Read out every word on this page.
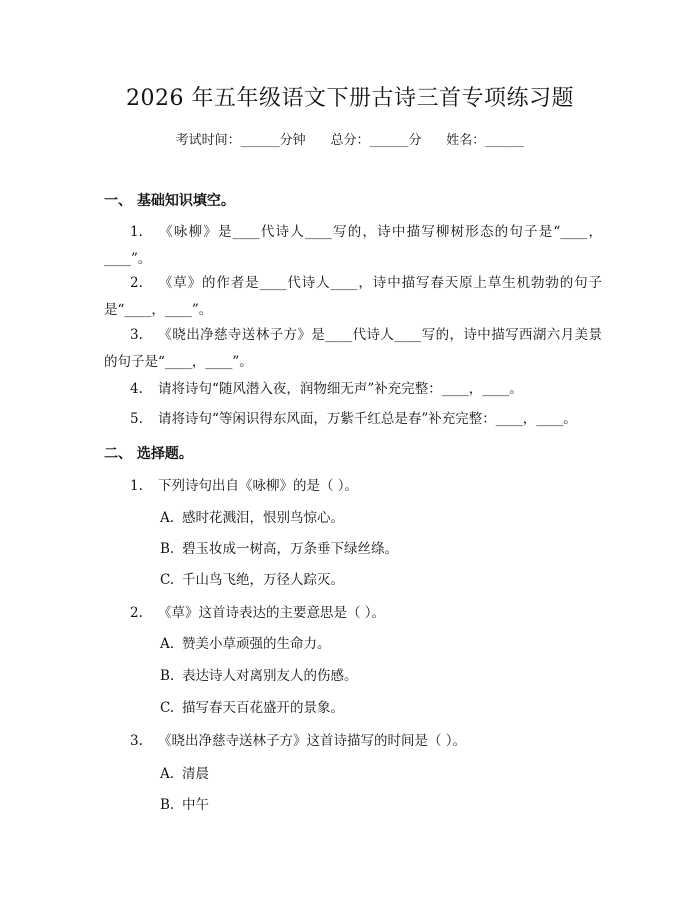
2026 年五年级语文下册古诗三首专项练习题
考试时间：______分钟 总分：______分 姓名：______
一、 基础知识填空。
1. 《咏柳》是____代诗人____写的，诗中描写柳树形态的句子是“____，____”。
2. 《草》的作者是____代诗人____，诗中描写春天原上草生机勃勃的句子是“____，____”。
3. 《晓出净慈寺送林子方》是____代诗人____写的，诗中描写西湖六月美景的句子是“____，____”。
4. 请将诗句“随风潜入夜，润物细无声”补充完整：____，____。
5. 请将诗句“等闲识得东风面，万紫千红总是春”补充完整：____，____。
二、 选择题。
1. 下列诗句出自《咏柳》的是（ ）。
A. 感时花溅泪，恨别鸟惊心。
B. 碧玉妆成一树高，万条垂下绿丝绦。
C. 千山鸟飞绝，万径人踪灭。
2. 《草》这首诗表达的主要意思是（ ）。
A. 赞美小草顽强的生命力。
B. 表达诗人对离别友人的伤感。
C. 描写春天百花盛开的景象。
3. 《晓出净慈寺送林子方》这首诗描写的时间是（ ）。
A. 清晨
B. 中午
